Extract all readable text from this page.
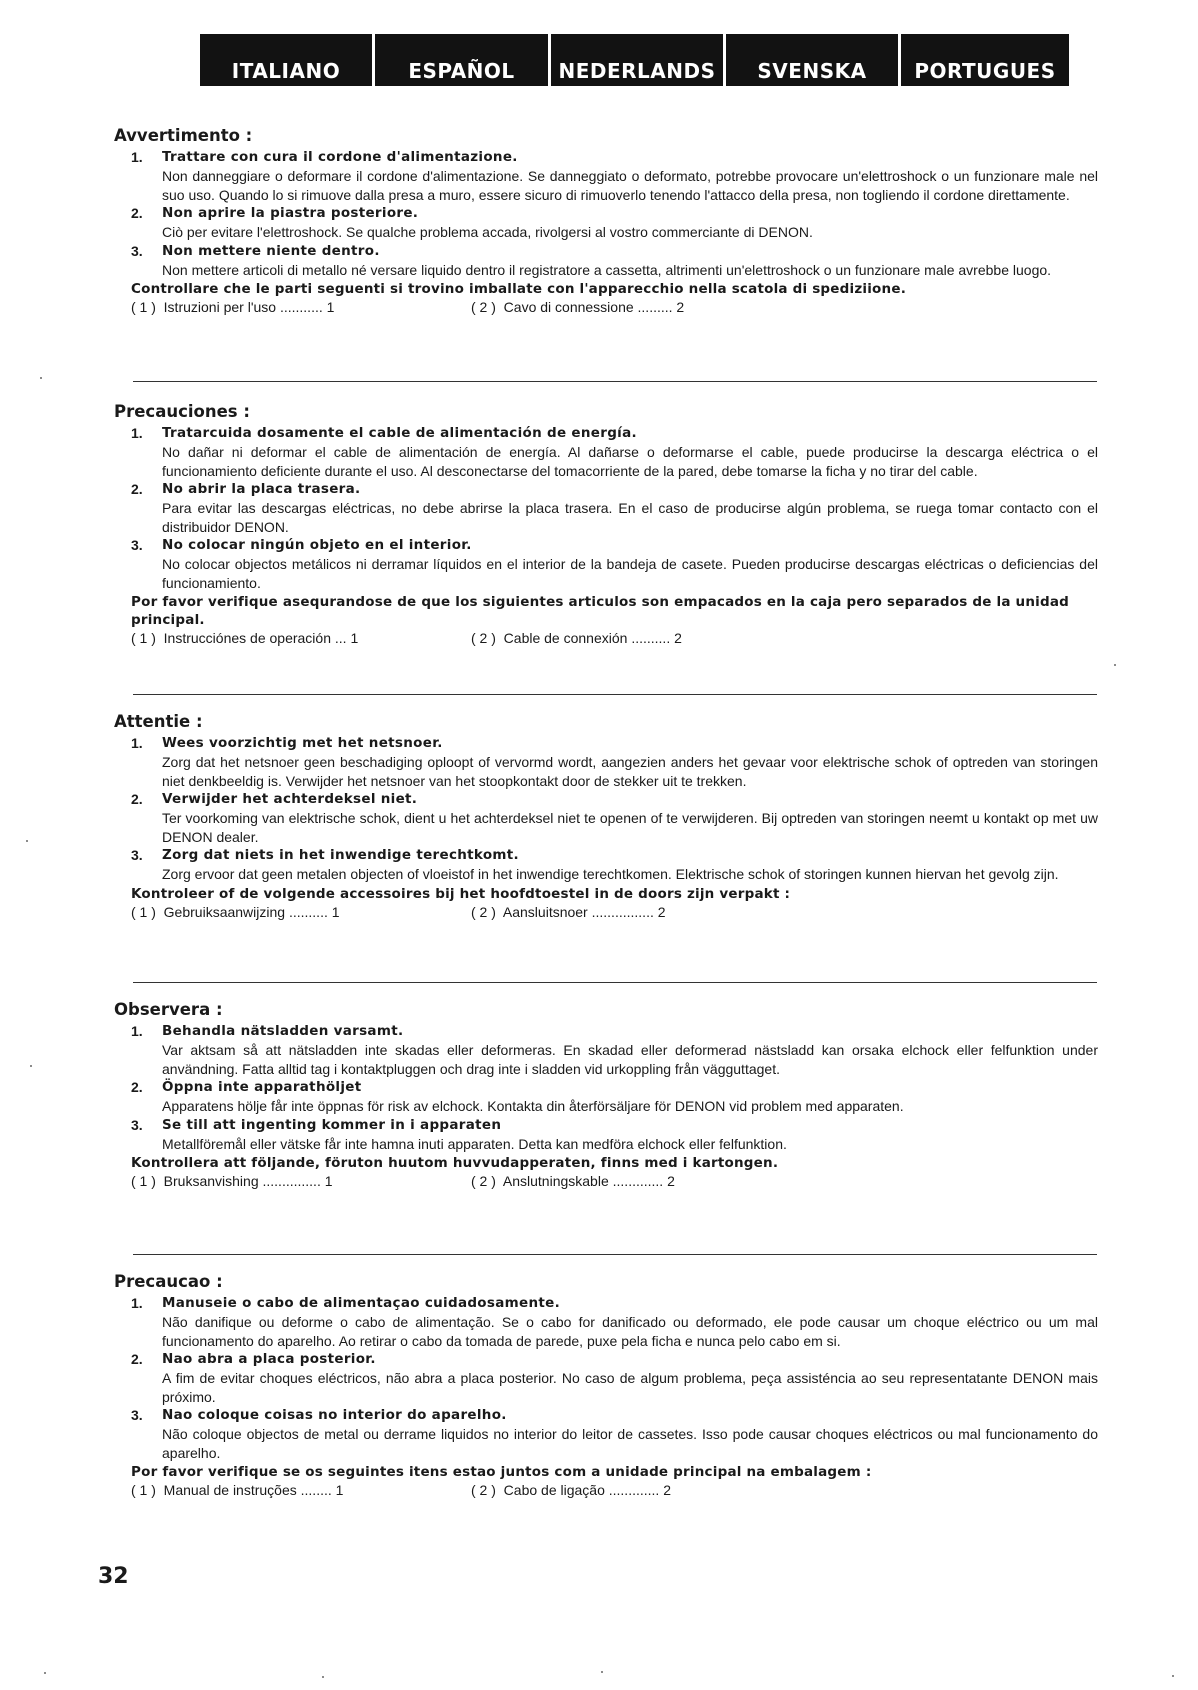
ITALIANO	ESPAÑOL	NEDERLANDS	SVENSKA	PORTUGUES
Avvertimento :
1. Trattare con cura il cordone d'alimentazione.
Non danneggiare o deformare il cordone d'alimentazione. Se danneggiato o deformato, potrebbe provocare un'elettroshock o un funzionare male nel suo uso. Quando lo si rimuove dalla presa a muro, essere sicuro di rimuoverlo tenendo l'attacco della presa, non togliendo il cordone direttamente.
2. Non aprire la piastra posteriore.
Ciò per evitare l'elettroshock. Se qualche problema accada, rivolgersi al vostro commerciante di DENON.
3. Non mettere niente dentro.
Non mettere articoli di metallo né versare liquido dentro il registratore a cassetta, altrimenti un'elettroshock o un funzionare male avrebbe luogo.
Controllare che le parti seguenti si trovino imballate con l'apparecchio nella scatola di spediziione.
( 1 )  Istruzioni per l'uso ........... 1	( 2 )  Cavo di connessione ......... 2
Precauciones :
1. Tratarcuida dosamente el cable de alimentación de energía.
No dañar ni deformar el cable de alimentación de energía. Al dañarse o deformarse el cable, puede producirse la descarga eléctrica o el funcionamiento deficiente durante el uso. Al desconectarse del tomacorriente de la pared, debe tomarse la ficha y no tirar del cable.
2. No abrir la placa trasera.
Para evitar las descargas eléctricas, no debe abrirse la placa trasera. En el caso de producirse algún problema, se ruega tomar contacto con el distribuidor DENON.
3. No colocar ningún objeto en el interior.
No colocar objectos metálicos ni derramar líquidos en el interior de la bandeja de casete. Pueden producirse descargas eléctricas o deficiencias del funcionamiento.
Por favor verifique asequrandose de que los siguientes articulos son empacados en la caja pero separados de la unidad principal.
( 1 )  Instrucciónes de operación ... 1	( 2 )  Cable de connexión .......... 2
Attentie :
1. Wees voorzichtig met het netsnoer.
Zorg dat het netsnoer geen beschadiging oploopt of vervormd wordt, aangezien anders het gevaar voor elektrische schok of optreden van storingen niet denkbeeldig is. Verwijder het netsnoer van het stoopkontakt door de stekker uit te trekken.
2. Verwijder het achterdeksel niet.
Ter voorkoming van elektrische schok, dient u het achterdeksel niet te openen of te verwijderen. Bij optreden van storingen neemt u kontakt op met uw DENON dealer.
3. Zorg dat niets in het inwendige terechtkomt.
Zorg ervoor dat geen metalen objecten of vloeistof in het inwendige terechtkomen. Elektrische schok of storingen kunnen hiervan het gevolg zijn.
Kontroleer of de volgende accessoires bij het hoofdtoestel in de doors zijn verpakt :
( 1 )  Gebruiksaanwijzing .......... 1	( 2 )  Aansluitsnoer ................ 2
Observera :
1. Behandla nätsladden varsamt.
Var aktsam så att nätsladden inte skadas eller deformeras. En skadad eller deformerad nästsladd kan orsaka elchock eller felfunktion under användning. Fatta alltid tag i kontaktpluggen och drag inte i sladden vid urkoppling från vägguttaget.
2. Öppna inte apparathöljet
Apparatens hölje får inte öppnas för risk av elchock. Kontakta din återförsäljare för DENON vid problem med apparaten.
3. Se till att ingenting kommer in i apparaten
Metallföremål eller vätske får inte hamna inuti apparaten. Detta kan medföra elchock eller felfunktion.
Kontrollera att följande, föruton huutom huvvudapperaten, finns med i kartongen.
( 1 )  Bruksanvishing ............... 1	( 2 )  Anslutningskable ............. 2
Precaucao :
1. Manuseie o cabo de alimentaçao cuidadosamente.
Não danifique ou deforme o cabo de alimentação. Se o cabo for danificado ou deformado, ele pode causar um choque eléctrico ou um mal funcionamento do aparelho. Ao retirar o cabo da tomada de parede, puxe pela ficha e nunca pelo cabo em si.
2. Nao abra a placa posterior.
A fim de evitar choques eléctricos, não abra a placa posterior. No caso de algum problema, peça assisténcia ao seu representatante DENON mais próximo.
3. Nao coloque coisas no interior do aparelho.
Não coloque objectos de metal ou derrame liquidos no interior do leitor de cassetes. Isso pode causar choques eléctricos ou mal funcionamento do aparelho.
Por favor verifique se os seguintes itens estao juntos com a unidade principal na embalagem :
( 1 )  Manual de instruções ........ 1	( 2 )  Cabo de ligação ............. 2
32
